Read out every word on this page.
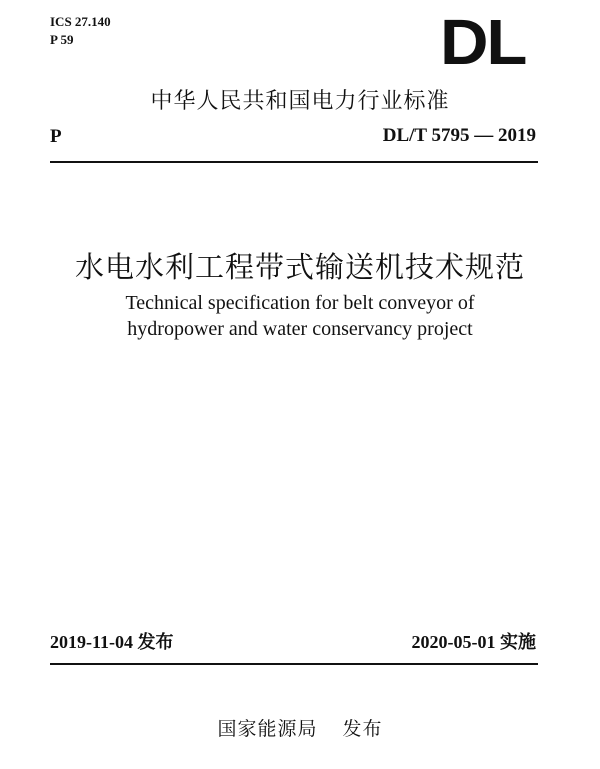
ICS 27.140
P 59	DL
中华人民共和国电力行业标准
P	DL/T 5795 — 2019
水电水利工程带式输送机技术规范
Technical specification for belt conveyor of
hydropower and water conservancy project
2019-11-04 发布	2020-05-01 实施
国家能源局 发布
